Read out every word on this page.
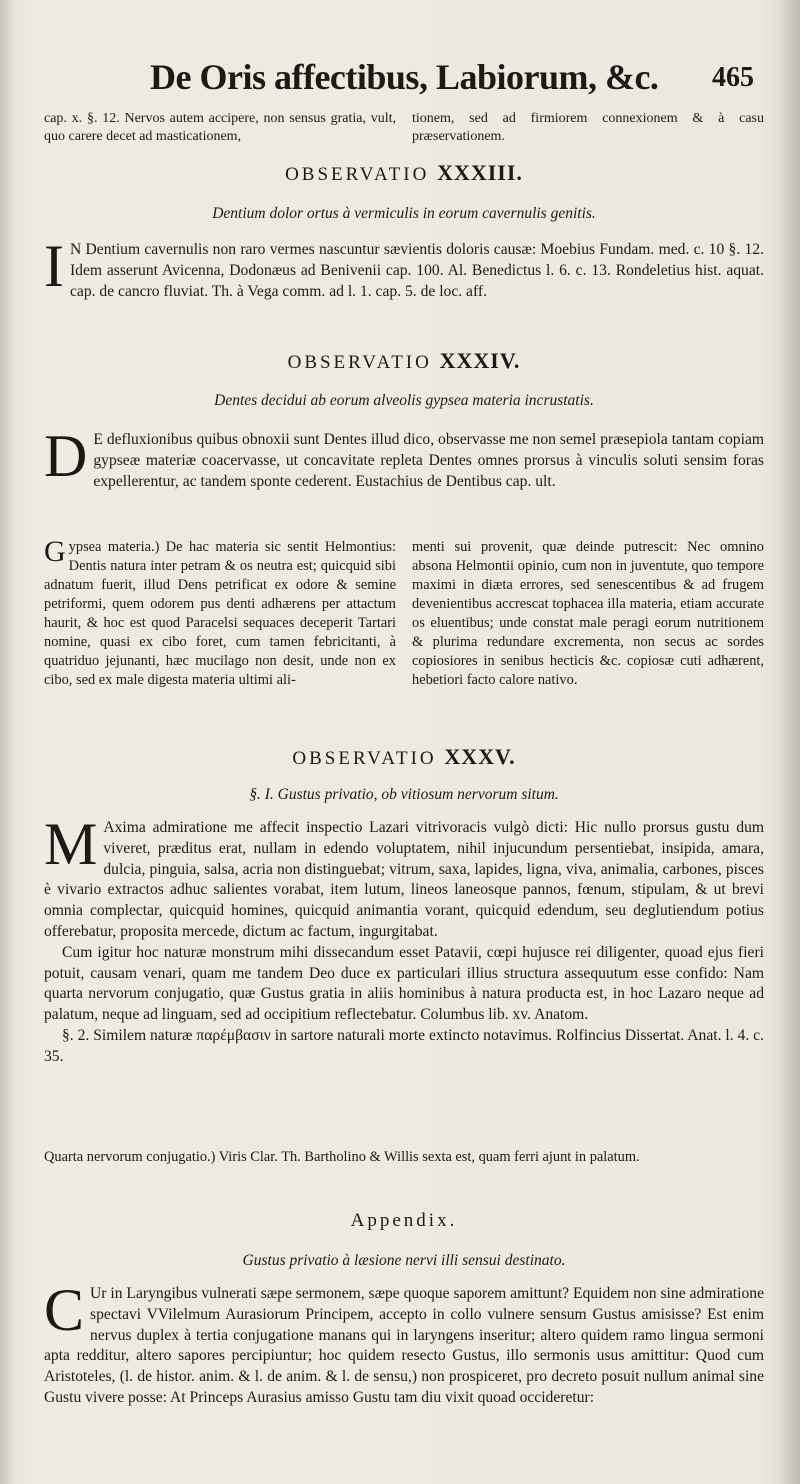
De Oris affectibus, Labiorum, &c. 465

cap. x. §. 12. Nervos autem accipere, non sensus gratia, vult, quo carere decet ad masticationem,

tionem, sed ad firmiorem connexionem & à casu præservationem.

OBSERVATIO XXXIII.
Dentium dolor ortus à vermiculis in eorum cavernulis genitis.
I N Dentium cavernulis non raro vermes nascuntur sævientis doloris causæ: Moebius Fundam. med. c. 10 §. 12. Idem asserunt Avicenna, Dodonæus ad Benivenii cap. 100. Al. Benedictus l. 6. c. 13. Rondeletius hist. aquat. cap. de cancro fluviat. Th. à Vega comm. ad l. 1. cap. 5. de loc. aff.
OBSERVATIO XXXIV.
Dentes decidui ab eorum alveolis gypsea materia incrustatis.
D E defluxionibus quibus obnoxii sunt Dentes illud dico, observasse me non semel præsepiola tantam copiam gypseæ materiæ coacervasse, ut concavitate repleta Dentes omnes prorsus à vinculis soluti sensim foras expellerentur, ac tandem sponte cederent. Eustachius de Dentibus cap. ult.
G ypsea materia.) De hac materia sic sentit Helmontius: Dentis natura inter petram & os neutra est; quicquid sibi adnatum fuerit, illud Dens petrificat ex odore & semine petriformi, quem odorem pus denti adhærens per attactum haurit, & hoc est quod Paracelsi sequaces deceperit Tartari nomine, quasi ex cibo foret, cum tamen febricitanti, à quatriduo jejunanti, hæc mucilago non desit, unde non ex cibo, sed ex male digesta materia ultimi ali-
menti sui provenit, quæ deinde putrescit: Nec omnino absona Helmontii opinio, cum non in juventute, quo tempore maximi in diæta errores, sed senescentibus & ad frugem devenientibus accrescat tophacea illa materia, etiam accurate os eluentibus; unde constat male peragi eorum nutritionem & plurima redundare excrementa, non secus ac sordes copiosiores in senibus hecticis &c. copiosæ cuti adhærent, hebetiori facto calore nativo.
OBSERVATIO XXXV.
§. I. Gustus privatio, ob vitiosum nervorum situm.

M Axima admiratione me affecit inspectio Lazari vitrivoracis vulgò dicti: Hic nullo prorsus gustu dum viveret, præditus erat, nullam in edendo voluptatem, nihil injucundum persentiebat, insipida, amara, dulcia, pinguia, salsa, acria non distinguebat; vitrum, saxa, lapides, ligna, viva, animalia, carbones, pisces è vivario extractos adhuc salientes vorabat, item lutum, lineos laneosque pannos, fœnum, stipulam, & ut brevi omnia complectar, quicquid homines, quicquid animantia vorant, quicquid edendum, seu deglutiendum potius offerebatur, proposita mercede, dictum ac factum, ingurgitabat.

Cum igitur hoc naturæ monstrum mihi dissecandum esset Patavii, cœpi hujusce rei diligenter, quoad ejus fieri potuit, causam venari, quam me tandem Deo duce ex particulari illius structura assequutum esse confido: Nam quarta nervorum conjugatio, quæ Gustus gratia in aliis hominibus à natura producta est, in hoc Lazaro neque ad palatum, neque ad linguam, sed ad occipitium reflectebatur. Columbus lib. xv. Anatom.

§. 2. Similem naturæ παρέμβασιν in sartore naturali morte extincto notavimus. Rolfincius Dissertat. Anat. l. 4. c. 35.

Quarta nervorum conjugatio.) Viris Clar. Th. Bartholino & Willis sexta est, quam ferri ajunt in palatum.
Appendix.
Gustus privatio à læsione nervi illi sensui destinato.
C Ur in Laryngibus vulnerati sæpe sermonem, sæpe quoque saporem amittunt? Equidem non sine admiratione spectavi VVilelmum Aurasiorum Principem, accepto in collo vulnere sensum Gustus amisisse? Est enim nervus duplex à tertia conjugatione manans qui in laryngens inseritur; altero quidem ramo lingua sermoni apta redditur, altero sapores percipiuntur; hoc quidem resecto Gustus, illo sermonis usus amittitur: Quod cum Aristoteles, (l. de histor. anim. & l. de anim. & l. de sensu,) non prospiceret, pro decreto posuit nullum animal sine Gustu vivere posse: At Princeps Aurasius amisso Gustu tam diu vixit quoad occideretur:
